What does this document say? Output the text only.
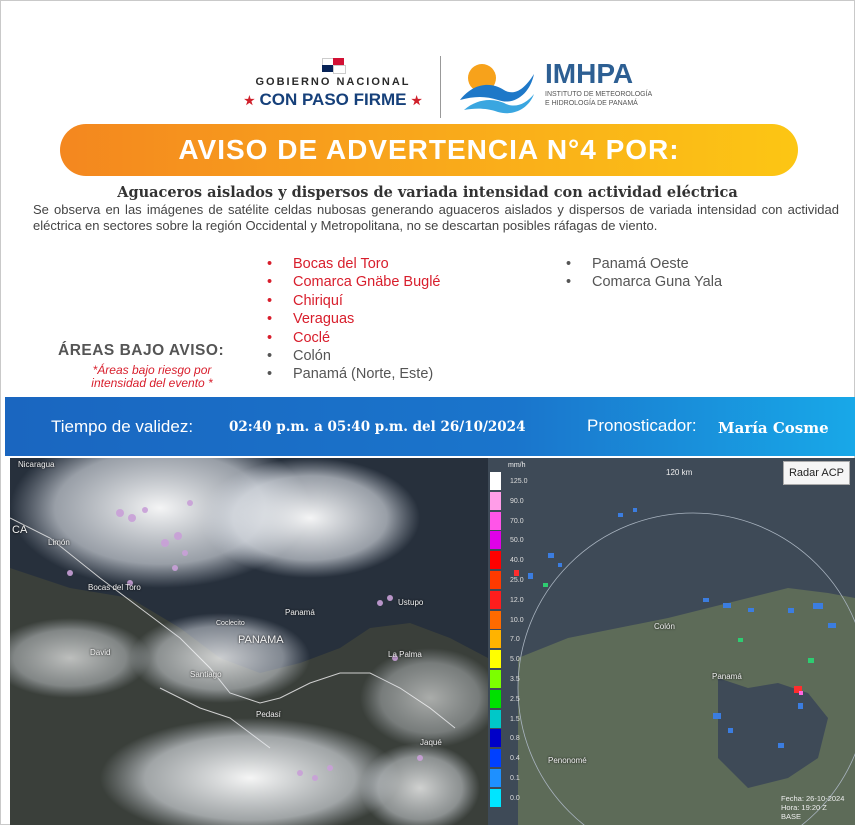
GOBIERNO NACIONAL
★ CON PASO FIRME ★
IMHPA
INSTITUTO DE METEOROLOGÍA
E HIDROLOGÍA DE PANAMÁ
AVISO DE ADVERTENCIA N°4 POR:
Aguaceros aislados y dispersos de variada intensidad con actividad eléctrica
Se observa en las imágenes de satélite celdas nubosas generando aguaceros aislados y dispersos de variada intensidad con actividad eléctrica en sectores sobre la región Occidental y Metropolitana, no se descartan posibles ráfagas de viento.
• Bocas del Toro
• Comarca Gnäbe Buglé
• Chiriquí
• Veraguas
• Coclé
• Colón
• Panamá (Norte, Este)
• Panamá Oeste
• Comarca Guna Yala
ÁREAS BAJO AVISO:
*Áreas bajo riesgo por intensidad del evento *
Tiempo de validez:	02:40 p.m. a 05:40 p.m. del 26/10/2024	Pronosticador: María Cosme
Nicaragua
CA
Limón
Bocas del Toro
Panamá
Ustupo
PANAMA
David	La Palma
Santiago
Pedasí
Jaqué
Coclecito	Colón
Panamá
Penonomé
mm/h
125.0
90.0
70.0
50.0
40.0
25.0
12.0
10.0
7.0
5.0
3.5
2.5
1.5
0.8
0.4
0.1
0.0
120 km	Radar ACP
Fecha: 26-10-2024
Hora: 19:20 Z
BASE
